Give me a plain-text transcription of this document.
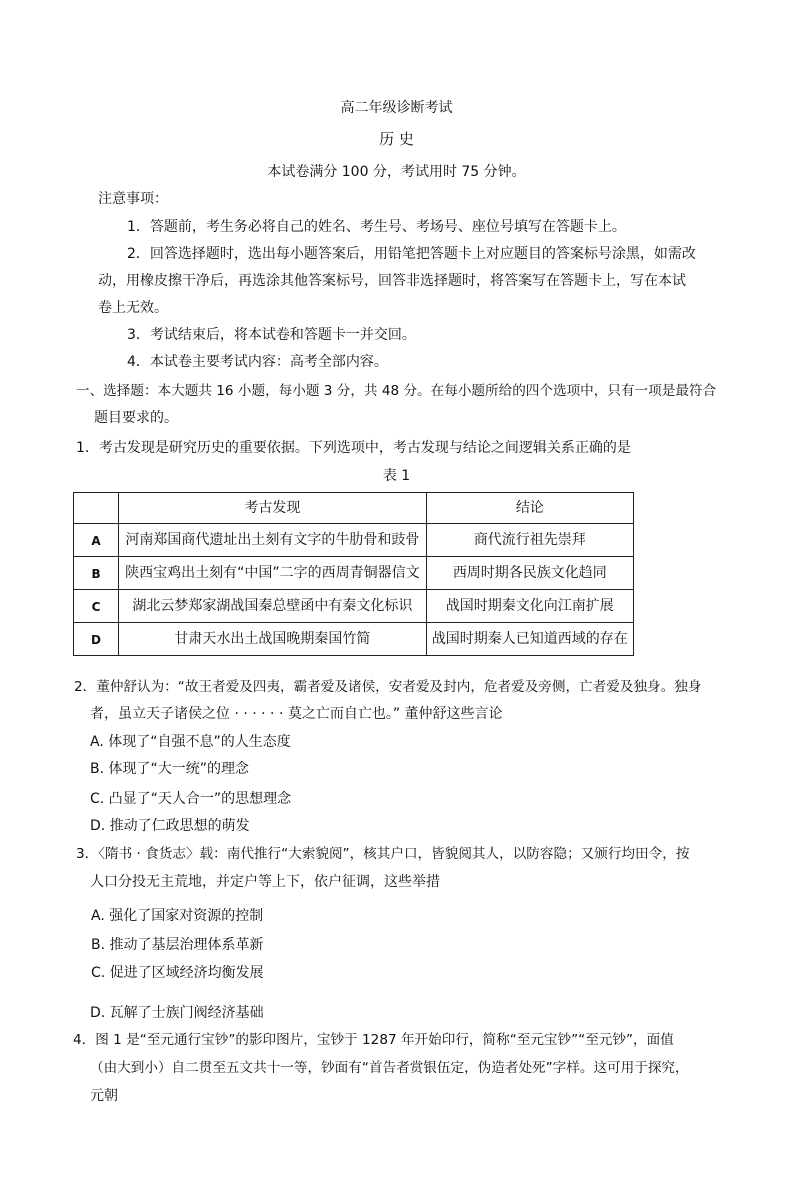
高二年级诊断考试
历 史
本试卷满分 100 分，考试用时 75 分钟。
注意事项：
1．答题前，考生务必将自己的姓名、考生号、考场号、座位号填写在答题卡上。
2．回答选择题时，选出每小题答案后，用铅笔把答题卡上对应题目的答案标号涂黑，如需改
动，用橡皮擦干净后，再选涂其他答案标号，回答非选择题时，将答案写在答题卡上，写在本试
卷上无效。
3．考试结束后，将本试卷和答题卡一并交回。
4．本试卷主要考试内容：高考全部内容。
一、选择题：本大题共 16 小题，每小题 3 分，共 48 分。在每小题所给的四个选项中，只有一项是最符合
题目要求的。
1．考古发现是研究历史的重要依据。下列选项中，考古发现与结论之间逻辑关系正确的是
表 1
	考古发现	结论
A	河南郑国商代遗址出土刻有文字的牛肋骨和豉骨	商代流行祖先崇拜
B	陕西宝鸡出土刻有“中国”二字的西周青铜器信文	西周时期各民族文化趋同
C	湖北云梦郑家湖战国秦总壁函中有秦文化标识	战国时期秦文化向江南扩展
D	甘肃天水出土战国晚期秦国竹简	战国时期秦人已知道西域的存在
2．董仲舒认为：“故王者爱及四夷，霸者爱及诸侯，安者爱及封内，危者爱及旁侧，亡者爱及独身。独身
者，虽立天子诸侯之位 · · · · · · 莫之亡而自亡也。” 董仲舒这些言论
A. 体现了“自强不息”的人生态度
B. 体现了“大一统”的理念
C. 凸显了“天人合一”的思想理念
D. 推动了仁政思想的萌发
3．〈隋书 · 食货志〉载：南代推行“大索貌阅”，核其户口，皆貌阅其人，以防容隐；又颁行均田令，按
人口分投无主荒地，并定户等上下，依户征调，这些举措
A. 强化了国家对资源的控制
B. 推动了基层治理体系革新
C. 促进了区域经济均衡发展
D. 瓦解了士族门阀经济基础
4．图 1 是“至元通行宝钞”的影印图片，宝钞于 1287 年开始印行，简称“至元宝钞”“至元钞”，面值
（由大到小）自二贯至五文共十一等，钞面有“首告者赏银伍定，伪造者处死”字样。这可用于探究，
元朝
